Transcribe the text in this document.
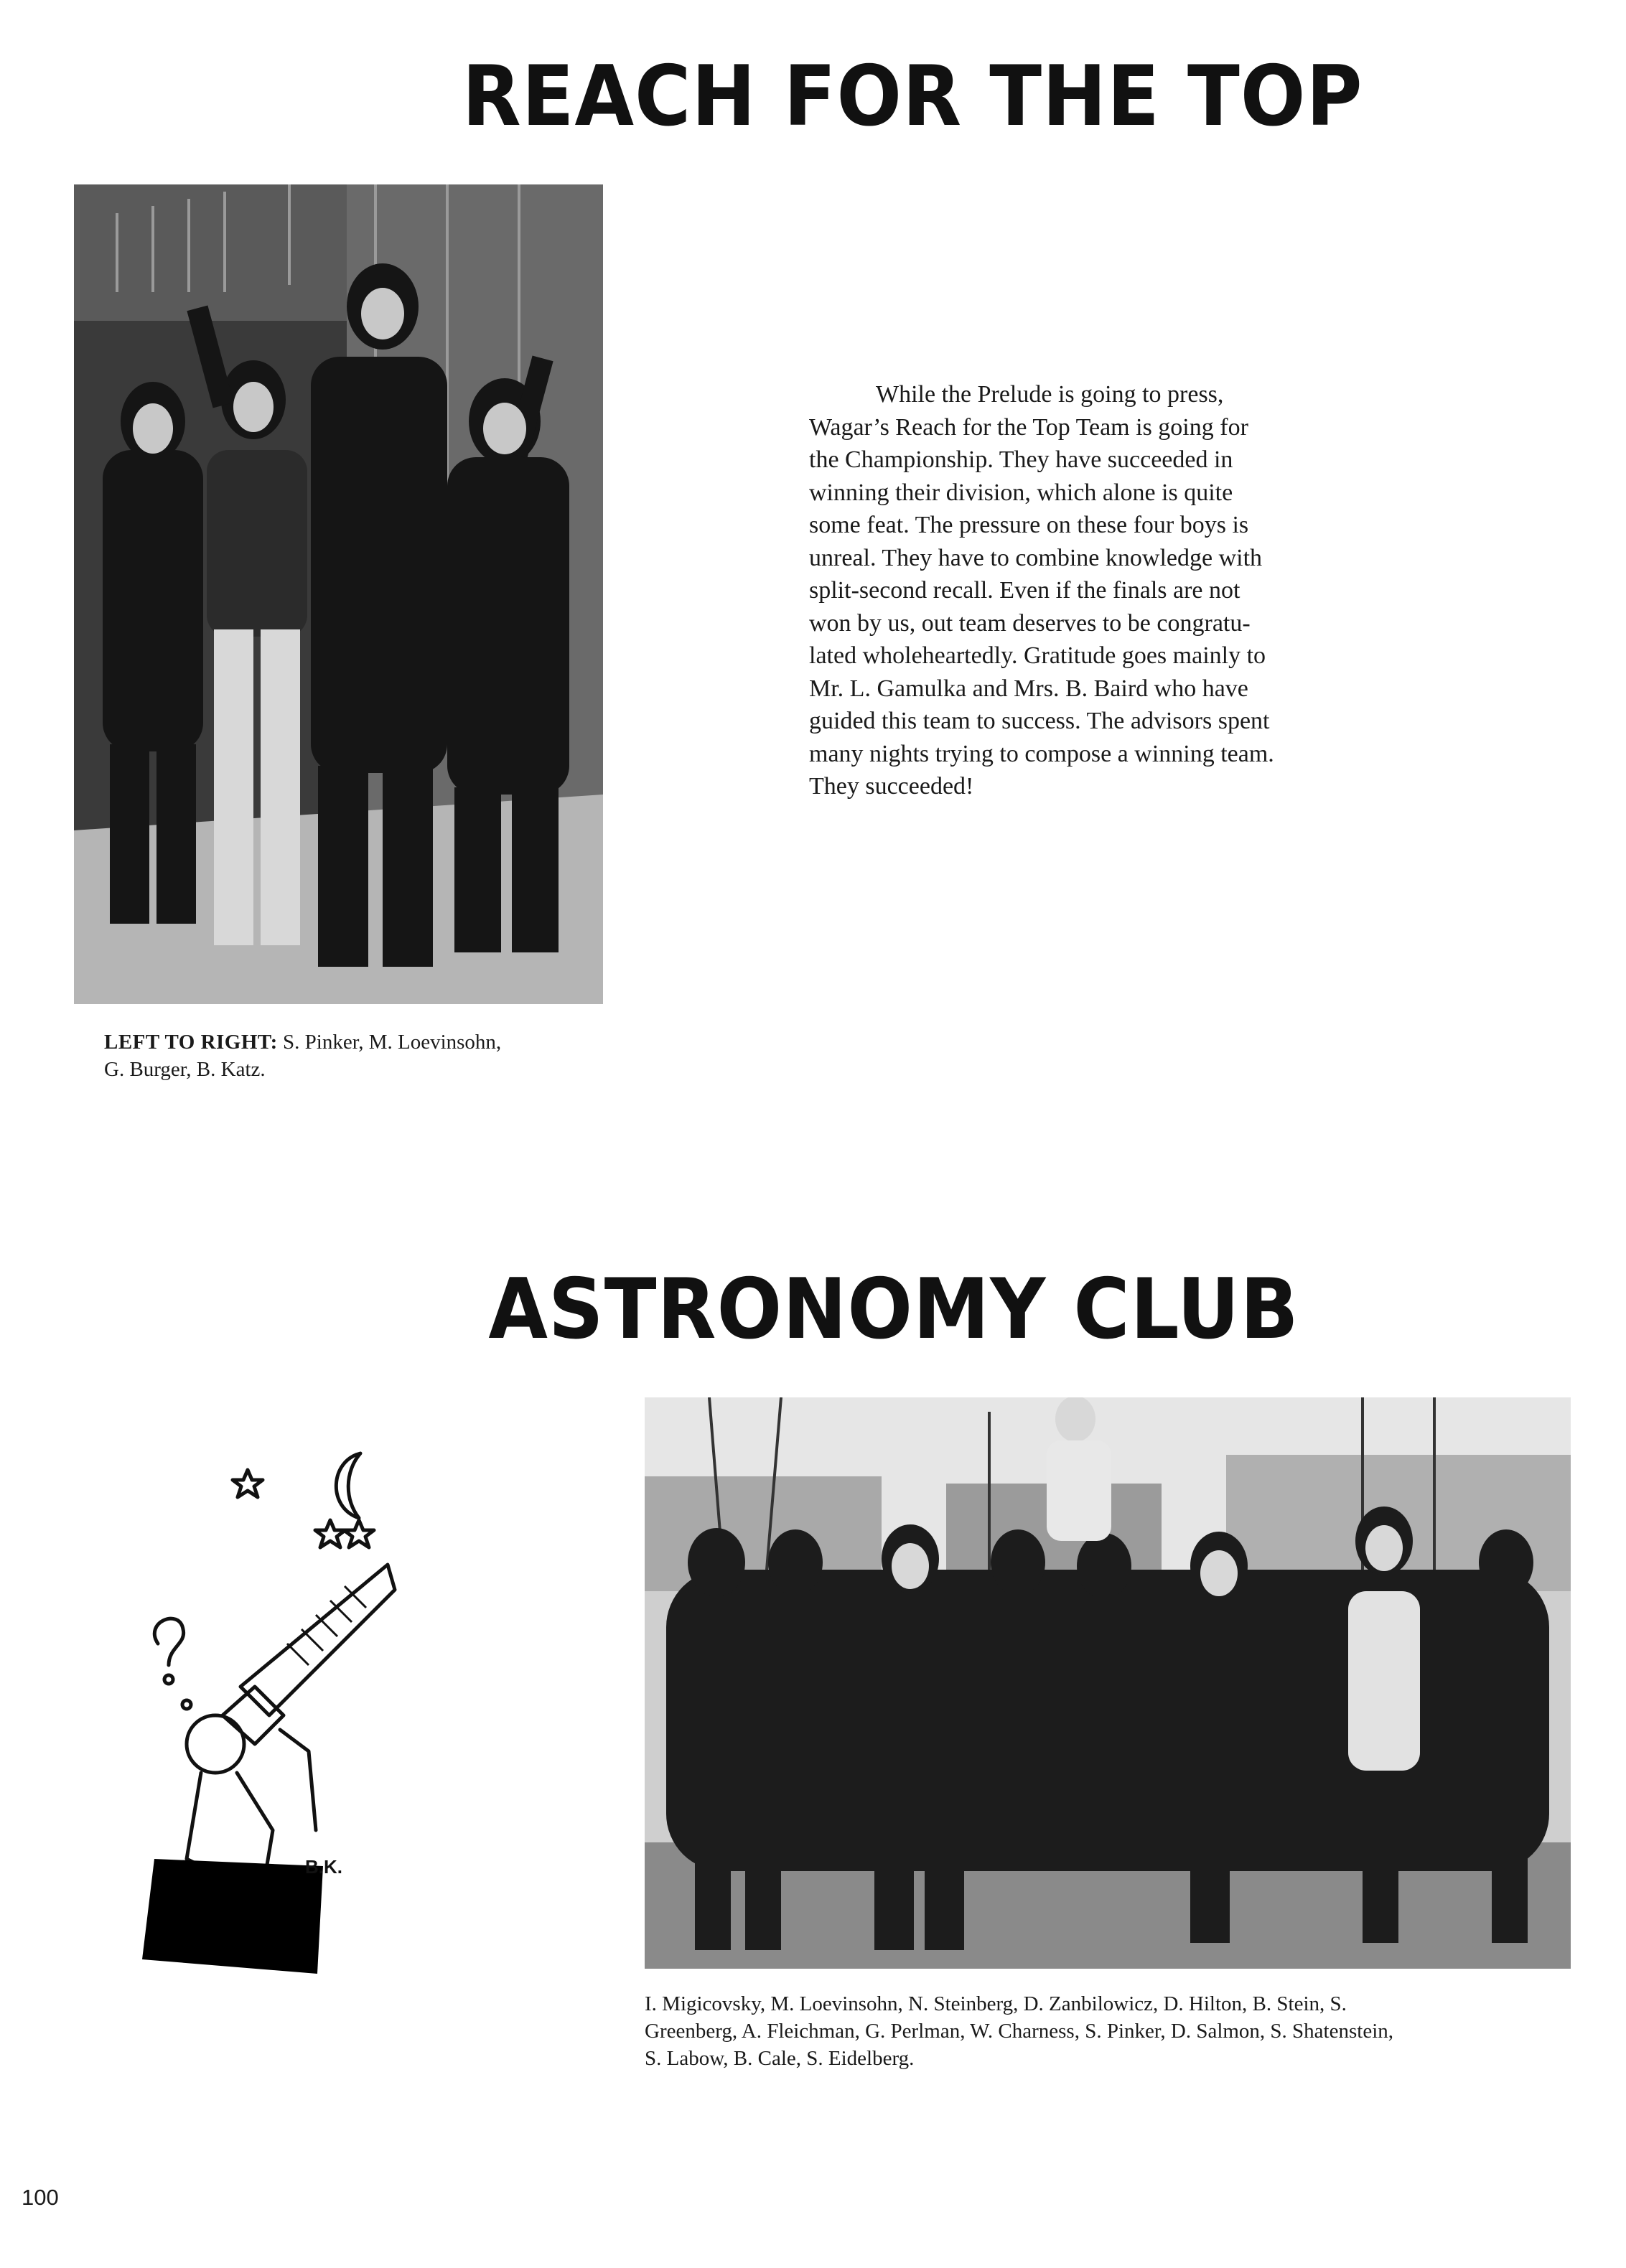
REACH FOR THE TOP
While the Prelude is going to press,
Wagar’s Reach for the Top Team is going for
the Championship. They have succeeded in
winning their division, which alone is quite
some feat. The pressure on these four boys is
unreal. They have to combine knowledge with
split-second recall. Even if the finals are not
won by us, out team deserves to be congratu-
lated wholeheartedly. Gratitude goes mainly to
Mr. L. Gamulka and Mrs. B. Baird who have
guided this team to success. The advisors spent
many nights trying to compose a winning team.
They succeeded!
LEFT TO RIGHT: S. Pinker, M. Loevinsohn,
G. Burger, B. Katz.
ASTRONOMY CLUB
B.K.
I. Migicovsky, M. Loevinsohn, N. Steinberg, D. Zanbilowicz, D. Hilton, B. Stein, S.
Greenberg, A. Fleichman, G. Perlman, W. Charness, S. Pinker, D. Salmon, S. Shatenstein,
S. Labow, B. Cale, S. Eidelberg.
100
